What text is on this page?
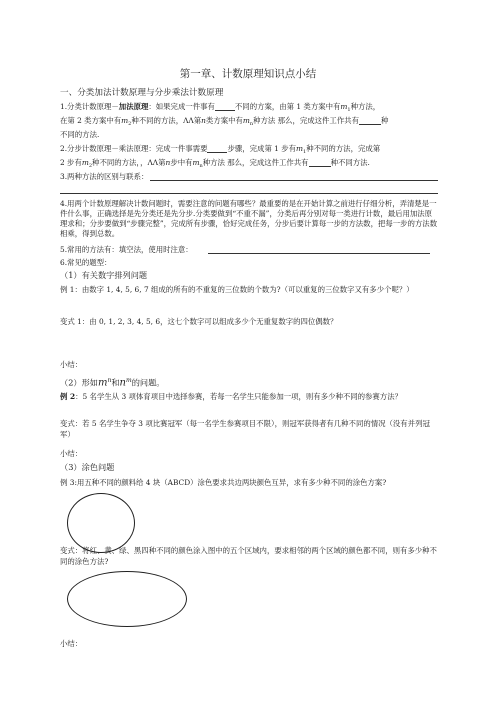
第一章、计数原理知识点小结
一、分类加法计数原理与分步乘法计数原理
1.分类计数原理－加法原理：如果完成一件事有	不同的方案，由第 1 类方案中有$m_1$种方法，
在第 2 类方案中有$m_2$种不同的方法，ΛΛ第n类方案中有$m_n$种方法 那么，完成这件工作共有	种
不同的方法.
2.分步计数原理－乘法原理：完成一件事需要	步骤，完成第 1 步有$m_1$种不同的方法，完成第
2 步有$m_2$种不同的方法，，ΛΛ第n步中有$m_n$种方法 那么，完成这件工作共有	种不同方法.
3.两种方法的区别与联系：
4.用两个计数原理解决计数问题时，需要注意的问题有哪些？最重要的是在开始计算之前进行仔细分析，弄清楚是一件什么事，正确选择是先分类还是先分步.分类要做到“不重不漏”，分类后再分别对每一类进行计数，最后用加法原理求和；分步要做到“步骤完整”，完成所有步骤，恰好完成任务，分步后要计算每一步的方法数，把每一步的方法数相乘，得到总数。
5.常用的方法有：填空法，使用时注意：
6.常见的题型：
（1）有关数字排列问题
例 1：由数字 1, 4, 5, 6, 7 组成的所有的不重复的三位数的个数为?（可以重复的三位数字又有多少个呢？）
变式 1：由 0, 1, 2, 3, 4, 5, 6，这七个数字可以组成多少个无重复数字的四位偶数？
小结：
（2）形如$m^n$和$n^m$的问题。
例 2：5 名学生从 3 项体育项目中选择参赛，若每一名学生只能参加一项，则有多少种不同的参赛方法？
变式：若 5 名学生争夺 3 项比赛冠军（每一名学生参赛项目不限），则冠军获得者有几种不同的情况（没有并列冠军）
小结：
（3）涂色问题
例 3:用五种不同的颜料给 4 块（ABCD）涂色要求共边两块颜色互异，求有多少种不同的涂色方案?
变式：将红、黄、绿、黑四种不同的颜色涂入图中的五个区域内，要求相邻的两个区域的颜色都不同，则有多少种不同的涂色方法?
小结：
